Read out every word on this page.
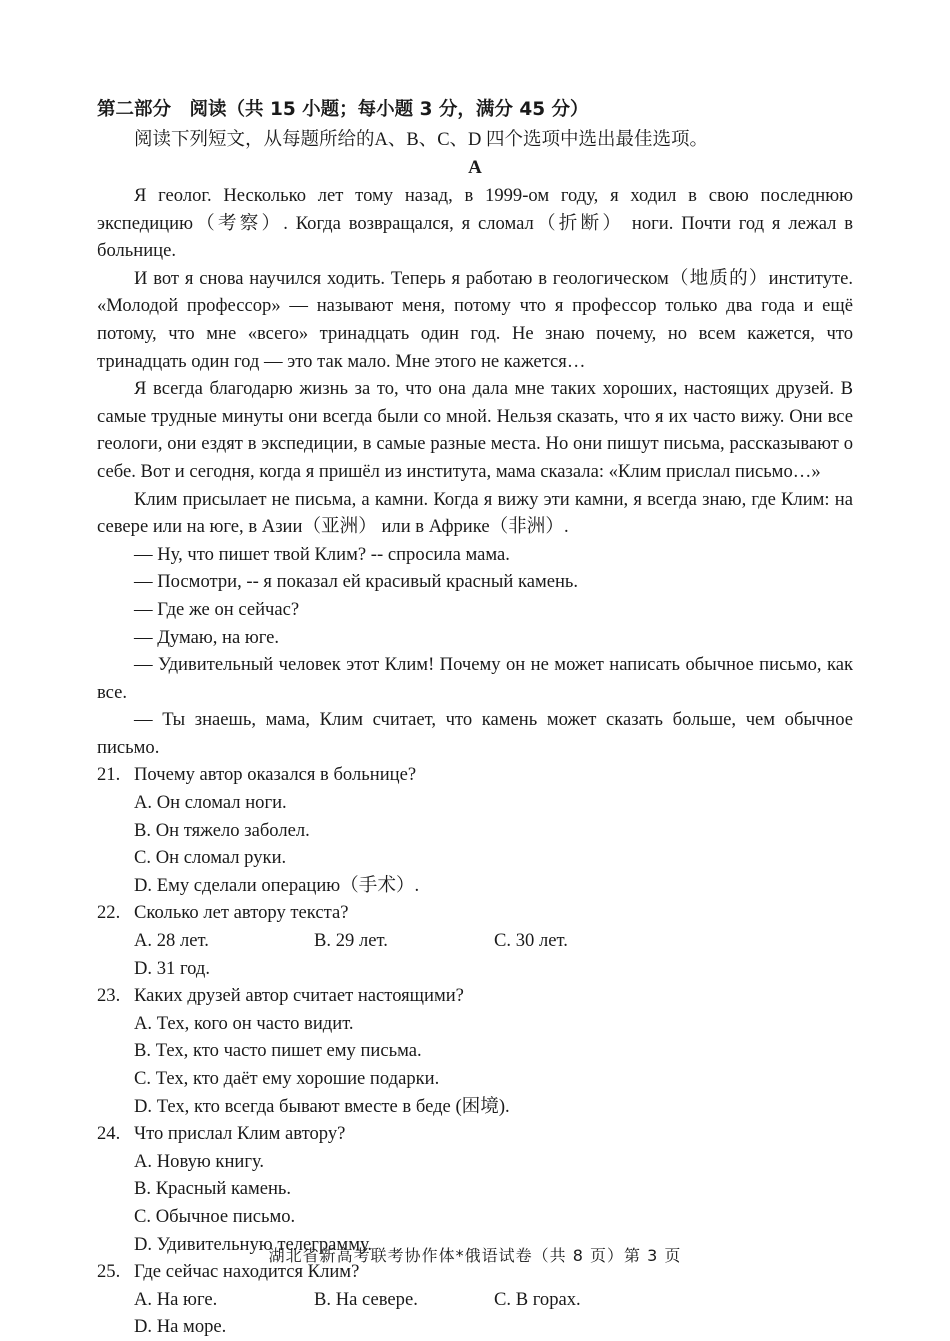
第二部分　阅读（共 15 小题；每小题 3 分，满分 45 分）
阅读下列短文，从每题所给的A、B、C、D 四个选项中选出最佳选项。
A

Я геолог. Несколько лет тому назад, в 1999-ом году, я ходил в свою последнюю экспедицию（考察）. Когда возвращался, я сломал（折断） ноги. Почти год я лежал в больнице.

И вот я снова научился ходить. Теперь я работаю в геологическом（地质的）институте. «Молодой профессор» — называют меня, потому что я профессор только два года и ещё потому, что мне «всего» тринадцать один год. Не знаю почему, но всем кажется, что тринадцать один год — это так мало. Мне этого не кажется…

Я всегда благодарю жизнь за то, что она дала мне таких хороших, настоящих друзей. В самые трудные минуты они всегда были со мной. Нельзя сказать, что я их часто вижу. Они все геологи, они ездят в экспедиции, в самые разные места. Но они пишут письма, рассказывают о себе. Вот и сегодня, когда я пришёл из института, мама сказала: «Клим прислал письмо…»

Клим присылает не письма, а камни. Когда я вижу эти камни, я всегда знаю, где Клим: на севере или на юге, в Азии（亚洲） или в Африке（非洲）.

— Ну, что пишет твой Клим? -- спросила мама.

— Посмотри, -- я показал ей красивый красный камень.

— Где же он сейчас?

— Думаю, на юге.

— Удивительный человек этот Клим! Почему он не может написать обычное письмо, как все.

— Ты знаешь, мама, Клим считает, что камень может сказать больше, чем обычное письмо.

21. Почему автор оказался в больнице?
A. Он сломал ноги.
B. Он тяжело заболел.
C. Он сломал руки.
D. Ему сделали операцию（手术）.
22. Сколько лет автору текста?
A. 28 лет.	B. 29 лет.	C. 30 лет.
D. 31 год.
23. Каких друзей автор считает настоящими?
A. Тех, кого он часто видит.
B. Тех, кто часто пишет ему письма.
C. Тех, кто даёт ему хорошие подарки.
D. Тех, кто всегда бывают вместе в беде (困境).
24. Что прислал Клим автору?
A. Новую книгу.
B. Красный камень.
C. Обычное письмо.
D. Удивительную телеграмму.
25. Где сейчас находится Клим?
A. На юге.	B. На севере.	C. В горах.
D. На море.
湖北省新高考联考协作体*俄语试卷（共 8 页）第 3 页
